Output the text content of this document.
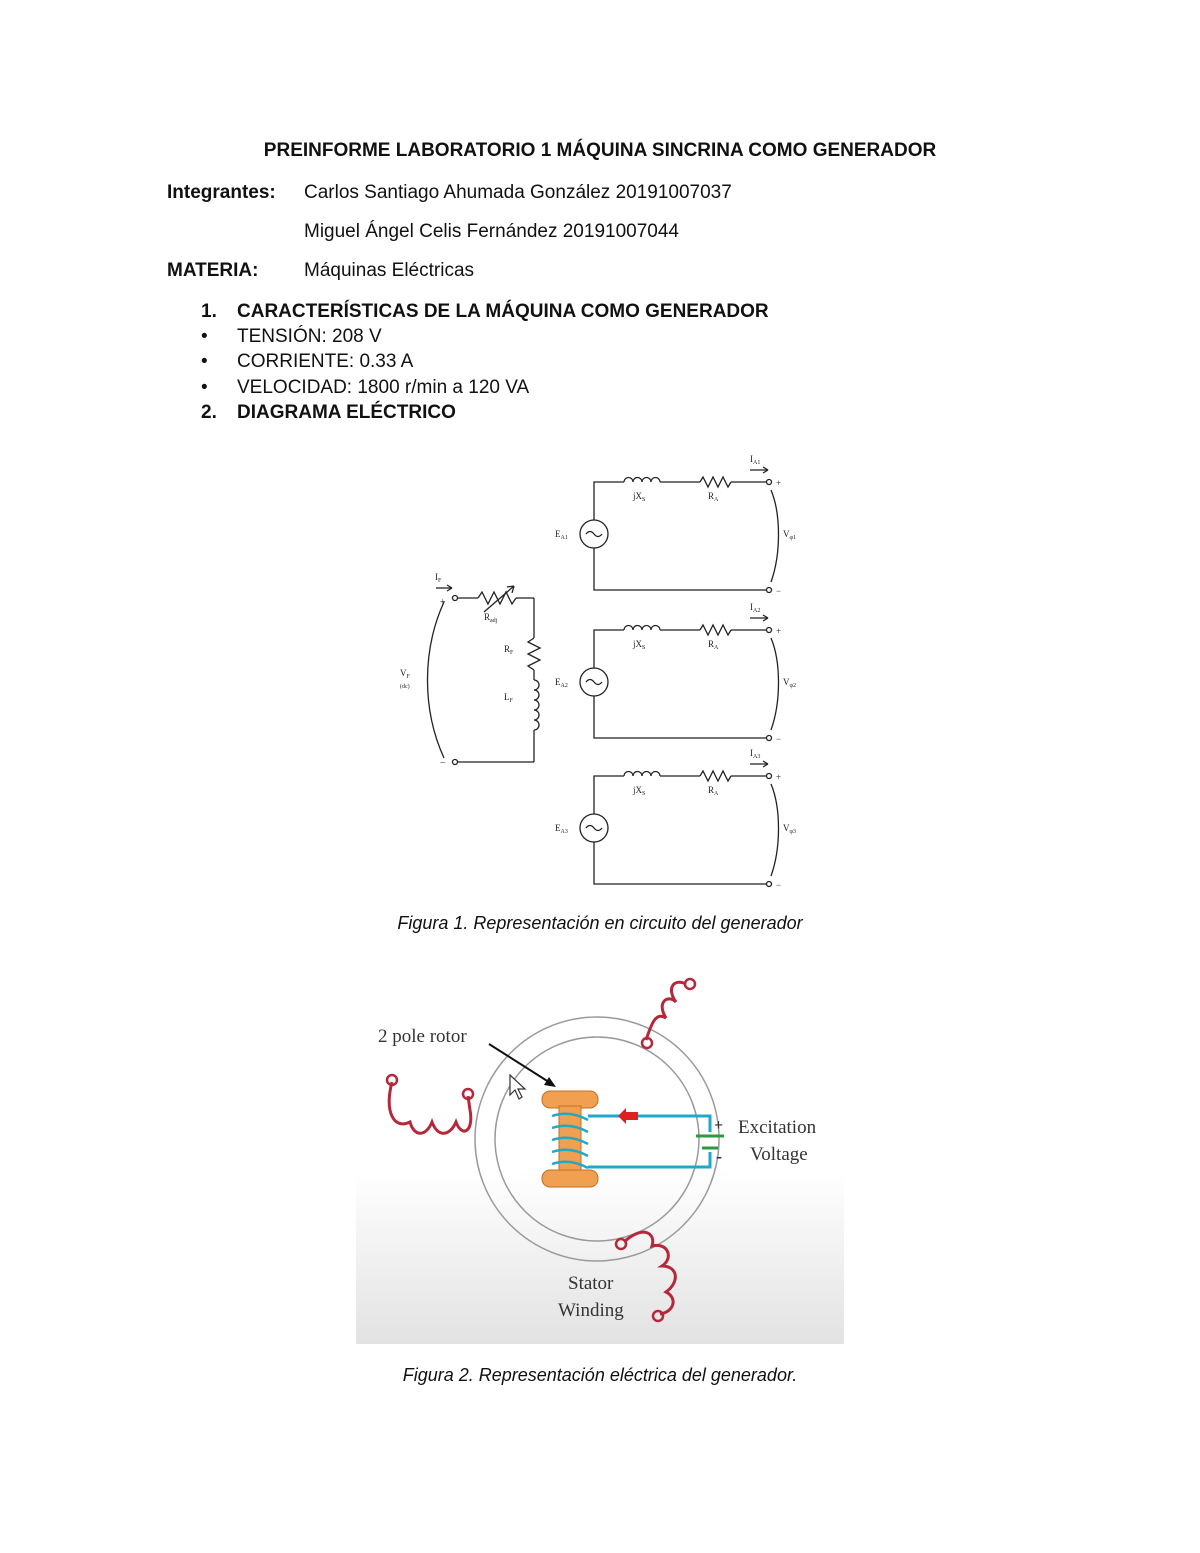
PREINFORME LABORATORIO 1 MÁQUINA SINCRINA COMO GENERADOR
Integrantes: Carlos Santiago Ahumada González 20191007037
Miguel Ángel Celis Fernández 20191007044
MATERIA: Máquinas Eléctricas
1. CARACTERÍSTICAS DE LA MÁQUINA COMO GENERADOR
• TENSIÓN: 208 V
• CORRIENTE: 0.33 A
• VELOCIDAD: 1800 r/min a 120 VA
2. DIAGRAMA ELÉCTRICO
$I_F$
+
−
$R_{adj}$
$R_F$
$L_F$
$V_F$
(dc)
$I_{A1}$
$jX_S$	$R_A$
$E_{A1}$	$V_{\varphi 1}$
+
−
$I_{A2}$
$jX_S$	$R_A$
$E_{A2}$	$V_{\varphi 2}$
+
−
$I_{A3}$
$jX_S$	$R_A$
$E_{A3}$	$V_{\varphi 3}$
+
−
Figura 1. Representación en circuito del generador
2 pole rotor
+
-
Excitation
Voltage
Stator
Winding
Figura 2. Representación eléctrica del generador.
